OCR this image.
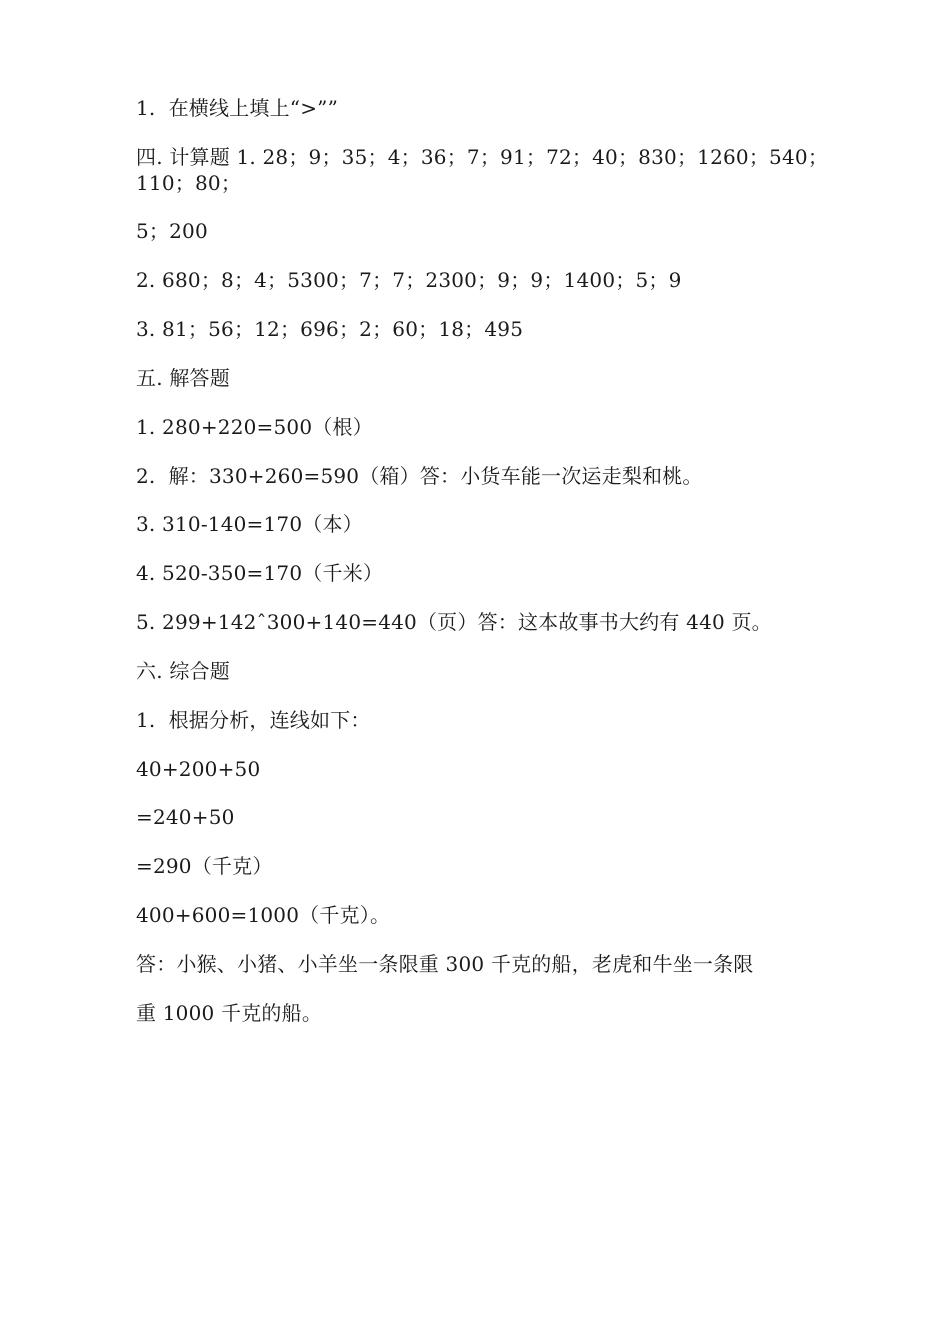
1.  在横线上填上“>””
四. 计算题 1. 28；9；35；4；36；7；91；72；40；830；1260；540；
110；80；
5；200
2. 680；8；4；5300；7；7；2300；9；9；1400；5；9
3. 81；56；12；696；2；60；18；495
五. 解答题
1. 280+220=500（根）
2.  解：330+260=590（箱）答：小货车能一次运走梨和桃。
3. 310-140=170（本）
4. 520-350=170（千米）
5. 299+142ˆ300+140=440（页）答：这本故事书大约有 440 页。
六. 综合题
1.  根据分析，连线如下：
40+200+50
=240+50
=290（千克）
400+600=1000（千克）。
答：小猴、小猪、小羊坐一条限重 300 千克的船，老虎和牛坐一条限
重 1000 千克的船。
